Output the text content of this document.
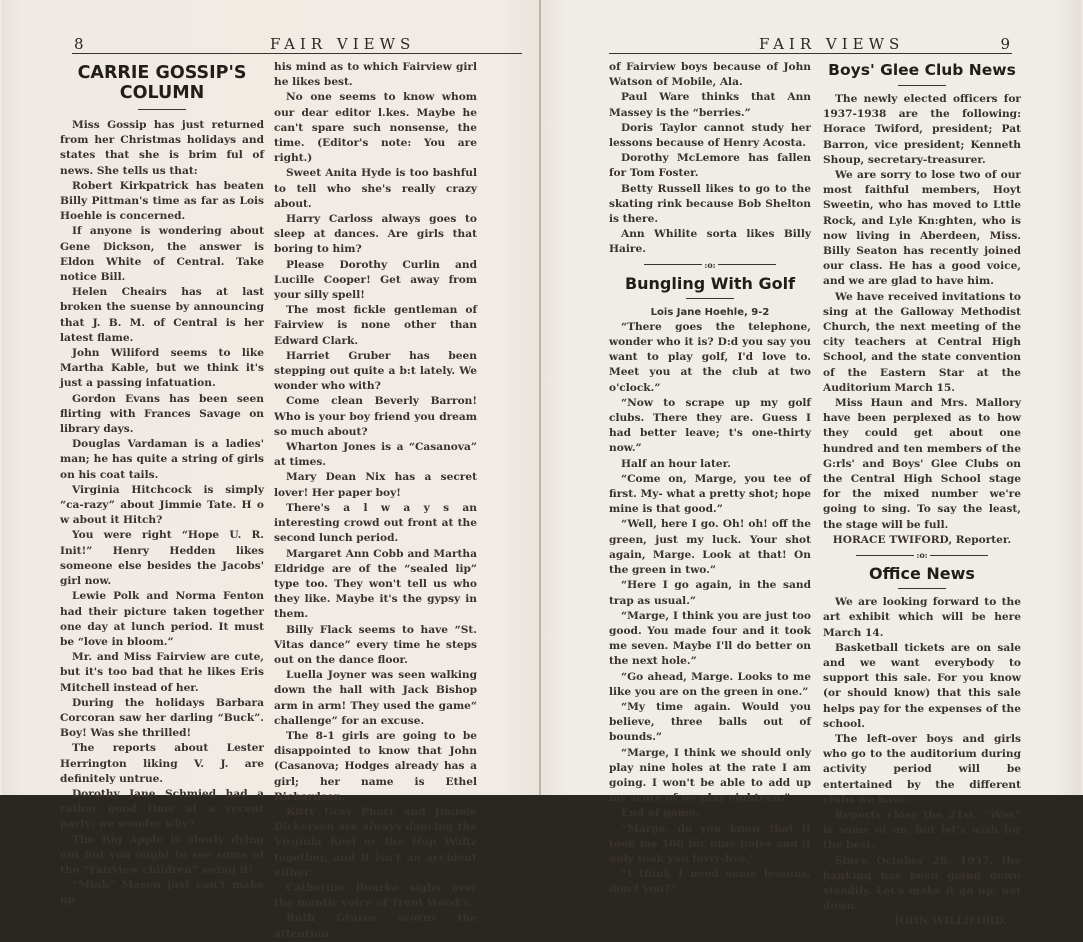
8	FAIR VIEWS
CARRIE GOSSIP'S
COLUMN

Miss Gossip has just returned from her Christmas holidays and states that she is brim ful of news. She tells us that:

Robert Kirkpatrick has beaten Billy Pittman's time as far as Lois Hoehle is concerned.

If anyone is wondering about Gene Dickson, the answer is Eldon White of Central. Take notice Bill.

Helen Cheairs has at last broken the suense by announcing that J. B. M. of Central is her latest flame.

John Wiliford seems to like Martha Kable, but we think it's just a passing infatuation.

Gordon Evans has been seen flirting with Frances Savage on library days.

Douglas Vardaman is a ladies' man; he has quite a string of girls on his coat tails.

Virginia Hitchcock is simply “ca-razy” about Jimmie Tate. H o w about it Hitch?

You were right “Hope U. R. Init!” Henry Hedden likes someone else besides the Jacobs' girl now.

Lewie Polk and Norma Fenton had their picture taken together one day at lunch period. It must be “love in bloom.”

Mr. and Miss Fairview are cute, but it's too bad that he likes Eris Mitchell instead of her.

During the holidays Barbara Corcoran saw her darling “Buck”. Boy! Was she thrilled!

The reports about Lester Herrington liking V. J. are definitely untrue.

Dorothy Jane Schmied had a rather good time at a recent party; we wonder why?

The Big Apple is slowly dying out but you ought to see some of the “Fairview children” swing it!

“Mink” Mason just can't make up

his mind as to which Fairview girl he likes best.

No one seems to know whom our dear editor l.kes. Maybe he can't spare such nonsense, the time. (Editor's note: You are right.)

Sweet Anita Hyde is too bashful to tell who she's really crazy about.

Harry Carloss always goes to sleep at dances. Are girls that boring to him?

Please Dorothy Curlin and Lucille Cooper! Get away from your silly spell!

The most fickle gentleman of Fairview is none other than Edward Clark.

Harriet Gruber has been stepping out quite a b:t lately. We wonder who with?

Come clean Beverly Barron! Who is your boy friend you dream so much about?

Wharton Jones is a “Casanova” at times.

Mary Dean Nix has a secret lover! Her paper boy!

There's a l w a y s an interesting crowd out front at the second lunch period.

Margaret Ann Cobb and Martha Eldridge are of the “sealed lip” type too. They won't tell us who they like. Maybe it's the gypsy in them.

Billy Flack seems to have “St. Vitas dance” every time he steps out on the dance floor.

Luella Joyner was seen walking down the hall with Jack Bishop arm in arm! They used the game“ challenge” for an excuse.

The 8-1 girls are going to be disappointed to know that John (Casanova; Hodges already has a girl; her name is Ethel Richardson.

Kitty Gray Pharr and Jimmie Dickerson are always dancing the Virginia Reel or the Hop Waltz together, and it isn't an accident either.

Catherine Bourke sighs over the mantic voice of Trent Wood's.

Ruth Graves scorns the attention

FAIR VIEWS	9

of Fairview boys because of John Watson of Mobile, Ala.

Paul Ware thinks that Ann Massey is the “berries.”

Doris Taylor cannot study her lessons because of Henry Acosta.

Dorothy McLemore has fallen for Tom Foster.

Betty Russell likes to go to the skating rink because Bob Shelton is there.

Ann Whilite sorta likes Billy Haire.

:o:
Bungling With Golf

Lois Jane Hoehle, 9-2

“There goes the telephone, wonder who it is? D:d you say you want to play golf, I'd love to. Meet you at the club at two o'clock.”

“Now to scrape up my golf clubs. There they are. Guess I had better leave; t's one-thirty now.”

Half an hour later.

“Come on, Marge, you tee of first. My- what a pretty shot; hope mine is that good.”

“Well, here I go. Oh! oh! off the green, just my luck. Your shot again, Marge. Look at that! On the green in two.”

“Here I go again, in the sand trap as usual.”

“Marge, I think you are just too good. You made four and it took me seven. Maybe I'll do better on the next hole.”

“Go ahead, Marge. Looks to me like you are on the green in one.”

“My time again. Would you believe, three balls out of bounds.”

“Marge, I think we should only play nine holes at the rate I am going. I won't be able to add up my score of we play eighteen.”

End of game.

“Marge, do you know that it took me 108 for nine holes and it only took you forty-five.”

“I think I need some lessons, don't you?”

Boys' Glee Club News

The newly elected officers for 1937-1938 are the following: Horace Twiford, president; Pat Barron, vice president; Kenneth Shoup, secretary-treasurer.

We are sorry to lose two of our most faithful members, Hoyt Sweetin, who has moved to Lttle Rock, and Lyle Kn:ghten, who is now living in Aberdeen, Miss. Billy Seaton has recently joined our class. He has a good voice, and we are glad to have him.

We have received invitations to sing at the Galloway Methodist Church, the next meeting of the city teachers at Central High School, and the state convention of the Eastern Star at the Auditorium March 15.

Miss Haun and Mrs. Mallory have been perplexed as to how they could get about one hundred and ten members of the G:rls' and Boys' Glee Clubs on the Central High School stage for the mixed number we're going to sing. To say the least, the stage will be full.

HORACE TWIFORD, Reporter.

:o:
Office News

We are looking forward to the art exhibit which will be here March 14.

Basketball tickets are on sale and we want everybody to support this sale. For you know (or should know) that this sale helps pay for the expenses of the school.

The left-over boys and girls who go to the auditorium during activity period will be entertained by the different clubs we have.

Reports close the 21st. “Woe” is some of us, but let's wish for the best.

Since October 28, 1937, the banking has been going down steadily. Let's make it go up, not down.

JOHN WILLIFORD.
